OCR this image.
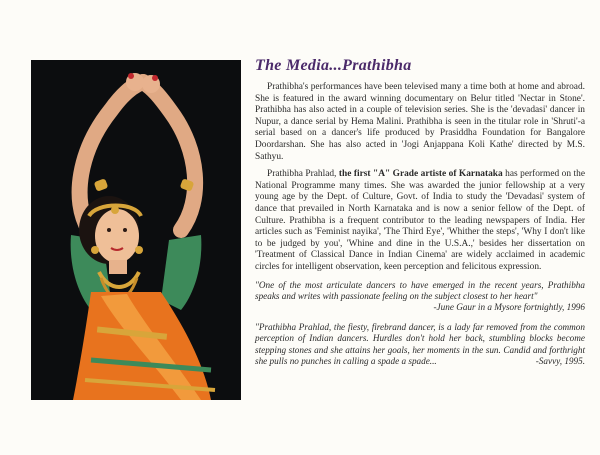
The Media...Prathibha

Prathibha's performances have been televised many a time both at home and abroad. She is featured in the award winning documentary on Belur titled 'Nectar in Stone'. Prathibha has also acted in a couple of television series. She is the 'devadasi' dancer in Nupur, a dance serial by Hema Malini. Prathibha is seen in the titular role in 'Shruti'-a serial based on a dancer's life produced by Prasiddha Foundation for Bangalore Doordarshan. She has also acted in 'Jogi Anjappana Koli Kathe' directed by M.S. Sathyu.

Prathibha Prahlad, the first "A" Grade artiste of Karnataka has performed on the National Programme many times. She was awarded the junior fellowship at a very young age by the Dept. of Culture, Govt. of India to study the 'Devadasi' system of dance that prevailed in North Karnataka and is now a senior fellow of the Dept. of Culture. Prathibha is a frequent contributor to the leading newspapers of India. Her articles such as 'Feminist nayika', 'The Third Eye', 'Whither the steps', 'Why I don't like to be judged by you', 'Whine and dine in the U.S.A.,' besides her dissertation on 'Treatment of Classical Dance in Indian Cinema' are widely acclaimed in academic circles for intelligent observation, keen perception and felicitous expression.

"One of the most articulate dancers to have emerged in the recent years, Prathibha speaks and writes with passionate feeling on the subject closest to her heart"

-June Gaur in a Mysore fortnightly, 1996

"Prathibha Prahlad, the fiesty, firebrand dancer, is a lady far removed from the common perception of Indian dancers. Hurdles don't hold her back, stumbling blocks become stepping stones and she attains her goals, her moments in the sun. Candid and forthright she pulls no punches in calling a spade a spade...	-Savvy, 1995.
